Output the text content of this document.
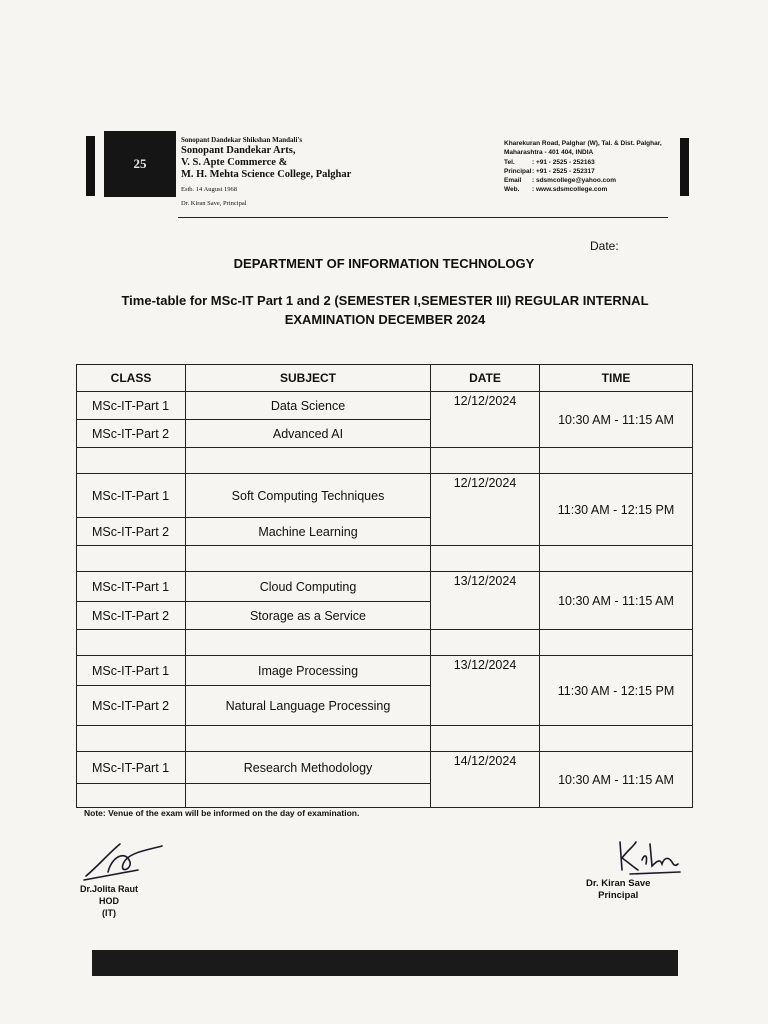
25
Sonopant Dandekar Shikshan Mandali's
Sonopant Dandekar Arts,
V. S. Apte Commerce &
M. H. Mehta Science College, Palghar
Estb. 14 August 1968
Dr. Kiran Save, Principal
Kharekuran Road, Palghar (W), Tal. & Dist. Palghar,
Maharashtra - 401 404, INDIA
Tel.	: +91 - 2525 - 252163
Principal : +91 - 2525 - 252317
Email	: sdsmcollege@yahoo.com
Web.	: www.sdsmcollege.com
Date:
DEPARTMENT OF INFORMATION TECHNOLOGY
Time-table for MSc-IT Part 1 and 2 (SEMESTER I,SEMESTER III) REGULAR INTERNAL
EXAMINATION DECEMBER 2024
CLASS	SUBJECT	DATE	TIME
MSc-IT-Part 1	Data Science	12/12/2024	10:30 AM - 11:15 AM
MSc-IT-Part 2	Advanced AI		

MSc-IT-Part 1	Soft Computing Techniques	12/12/2024	11:30 AM - 12:15 PM
MSc-IT-Part 2	Machine Learning		

MSc-IT-Part 1	Cloud Computing	13/12/2024	10:30 AM - 11:15 AM
MSc-IT-Part 2	Storage as a Service		

MSc-IT-Part 1	Image Processing	13/12/2024	11:30 AM - 12:15 PM
MSc-IT-Part 2	Natural Language Processing		

MSc-IT-Part 1	Research Methodology	14/12/2024	10:30 AM - 11:15 AM

Note: Venue of the exam will be informed on the day of examination.
Dr.Jolita Raut
HOD
(IT)
Dr. Kiran Save
Principal
